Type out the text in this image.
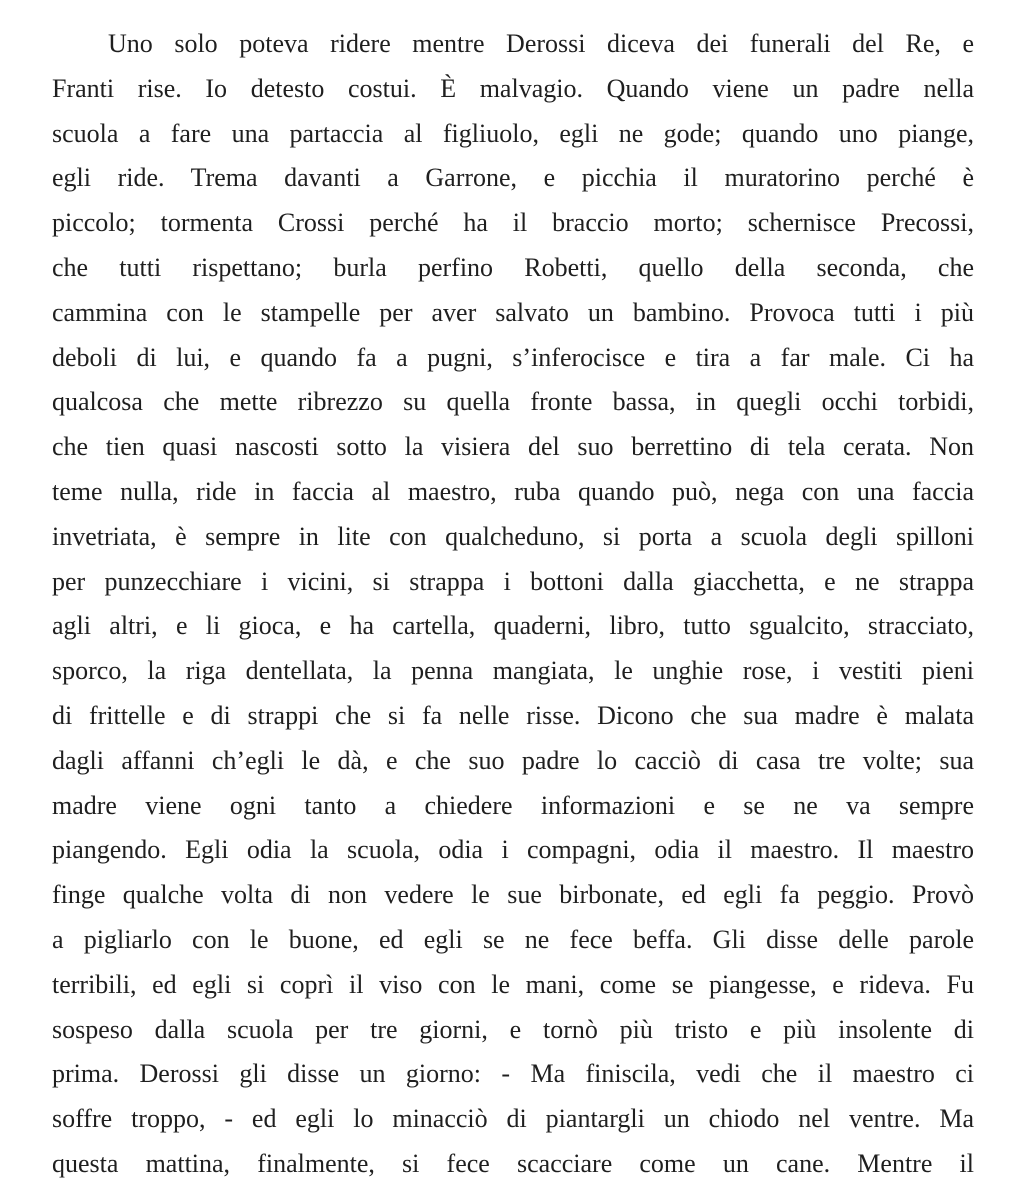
Uno solo poteva ridere mentre Derossi diceva dei funerali del Re, e
Franti rise. Io detesto costui. È malvagio. Quando viene un padre nella
scuola a fare una partaccia al figliuolo, egli ne gode; quando uno piange,
egli ride. Trema davanti a Garrone, e picchia il muratorino perché è
piccolo; tormenta Crossi perché ha il braccio morto; schernisce Precossi,
che tutti rispettano; burla perfino Robetti, quello della seconda, che
cammina con le stampelle per aver salvato un bambino. Provoca tutti i più
deboli di lui, e quando fa a pugni, s’inferocisce e tira a far male. Ci ha
qualcosa che mette ribrezzo su quella fronte bassa, in quegli occhi torbidi,
che tien quasi nascosti sotto la visiera del suo berrettino di tela cerata. Non
teme nulla, ride in faccia al maestro, ruba quando può, nega con una faccia
invetriata, è sempre in lite con qualcheduno, si porta a scuola degli spilloni
per punzecchiare i vicini, si strappa i bottoni dalla giacchetta, e ne strappa
agli altri, e li gioca, e ha cartella, quaderni, libro, tutto sgualcito, stracciato,
sporco, la riga dentellata, la penna mangiata, le unghie rose, i vestiti pieni
di frittelle e di strappi che si fa nelle risse. Dicono che sua madre è malata
dagli affanni ch’egli le dà, e che suo padre lo cacciò di casa tre volte; sua
madre viene ogni tanto a chiedere informazioni e se ne va sempre
piangendo. Egli odia la scuola, odia i compagni, odia il maestro. Il maestro
finge qualche volta di non vedere le sue birbonate, ed egli fa peggio. Provò
a pigliarlo con le buone, ed egli se ne fece beffa. Gli disse delle parole
terribili, ed egli si coprì il viso con le mani, come se piangesse, e rideva. Fu
sospeso dalla scuola per tre giorni, e tornò più tristo e più insolente di
prima. Derossi gli disse un giorno: - Ma finiscila, vedi che il maestro ci
soffre troppo, - ed egli lo minacciò di piantargli un chiodo nel ventre. Ma
questa mattina, finalmente, si fece scacciare come un cane. Mentre il
